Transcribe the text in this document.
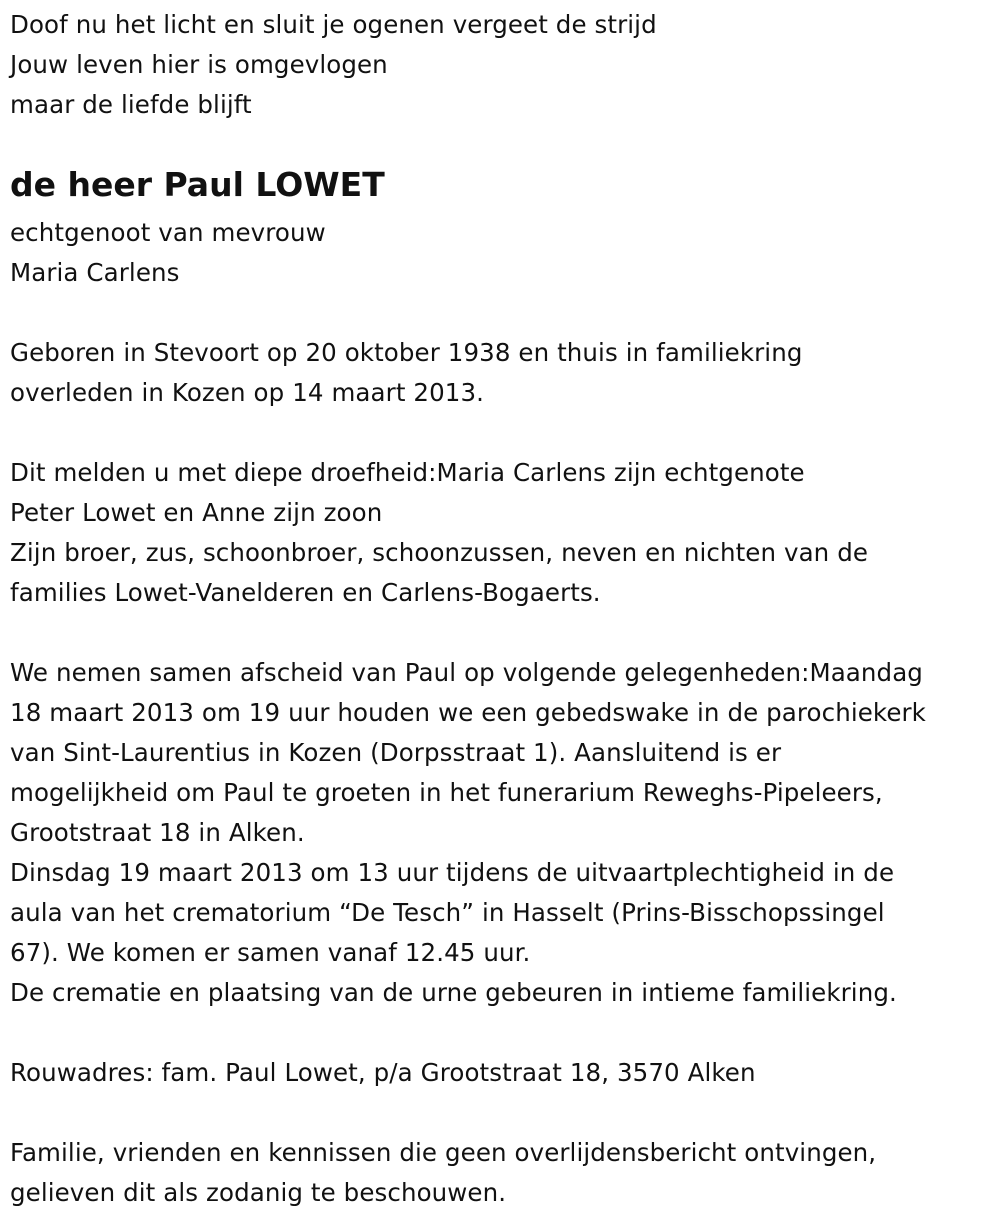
Doof nu het licht en sluit je ogenen vergeet de strijd
Jouw leven hier is omgevlogen
maar de liefde blijft
de heer Paul LOWET
echtgenoot van mevrouw
Maria Carlens
Geboren in Stevoort op 20 oktober 1938 en thuis in familiekring
overleden in Kozen op 14 maart 2013.
Dit melden u met diepe droefheid:Maria Carlens zijn echtgenote
Peter Lowet en Anne zijn zoon
Zijn broer, zus, schoonbroer, schoonzussen, neven en nichten van de
families Lowet-Vanelderen en Carlens-Bogaerts.
We nemen samen afscheid van Paul op volgende gelegenheden:Maandag
18 maart 2013 om 19 uur houden we een gebedswake in de parochiekerk
van Sint-Laurentius in Kozen (Dorpsstraat 1). Aansluitend is er
mogelijkheid om Paul te groeten in het funerarium Reweghs-Pipeleers,
Grootstraat 18 in Alken.
Dinsdag 19 maart 2013 om 13 uur tijdens de uitvaartplechtigheid in de
aula van het crematorium “De Tesch” in Hasselt (Prins-Bisschopssingel
67). We komen er samen vanaf 12.45 uur.
De crematie en plaatsing van de urne gebeuren in intieme familiekring.
Rouwadres: fam. Paul Lowet, p/a Grootstraat 18, 3570 Alken
Familie, vrienden en kennissen die geen overlijdensbericht ontvingen,
gelieven dit als zodanig te beschouwen.
